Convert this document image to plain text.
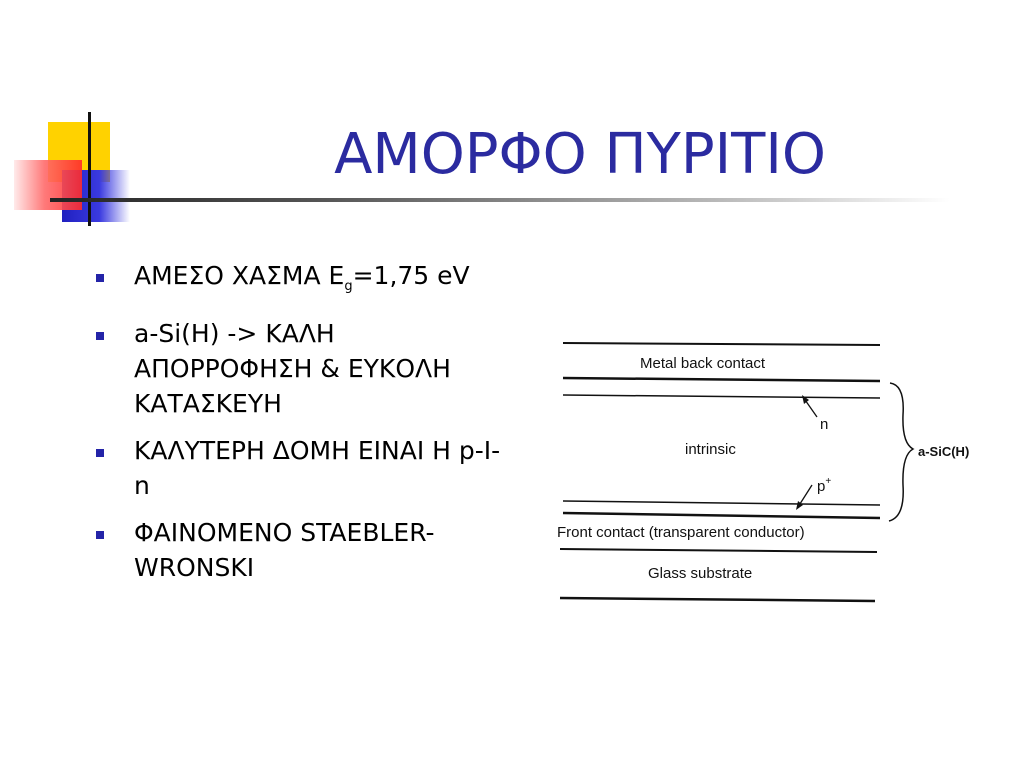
ΑΜΟΡΦΟ ΠΥΡΙΤΙΟ
ΑΜΕΣΟ ΧΑΣΜΑ $E_g=1,75$ eV
a-Si(H) -> ΚΑΛΗ ΑΠΟΡΡΟΦΗΣΗ & ΕΥΚΟΛΗ ΚΑΤΑΣΚΕΥΗ
ΚΑΛΥΤΕΡΗ ΔΟΜΗ ΕΙΝΑΙ Η p-I-n
ΦΑΙΝΟΜΕΝΟ STAEBLER-WRONSKI
Metal back contact
intrinsic
n
p+
a-SiC(H)
Front contact (transparent conductor)
Glass substrate
